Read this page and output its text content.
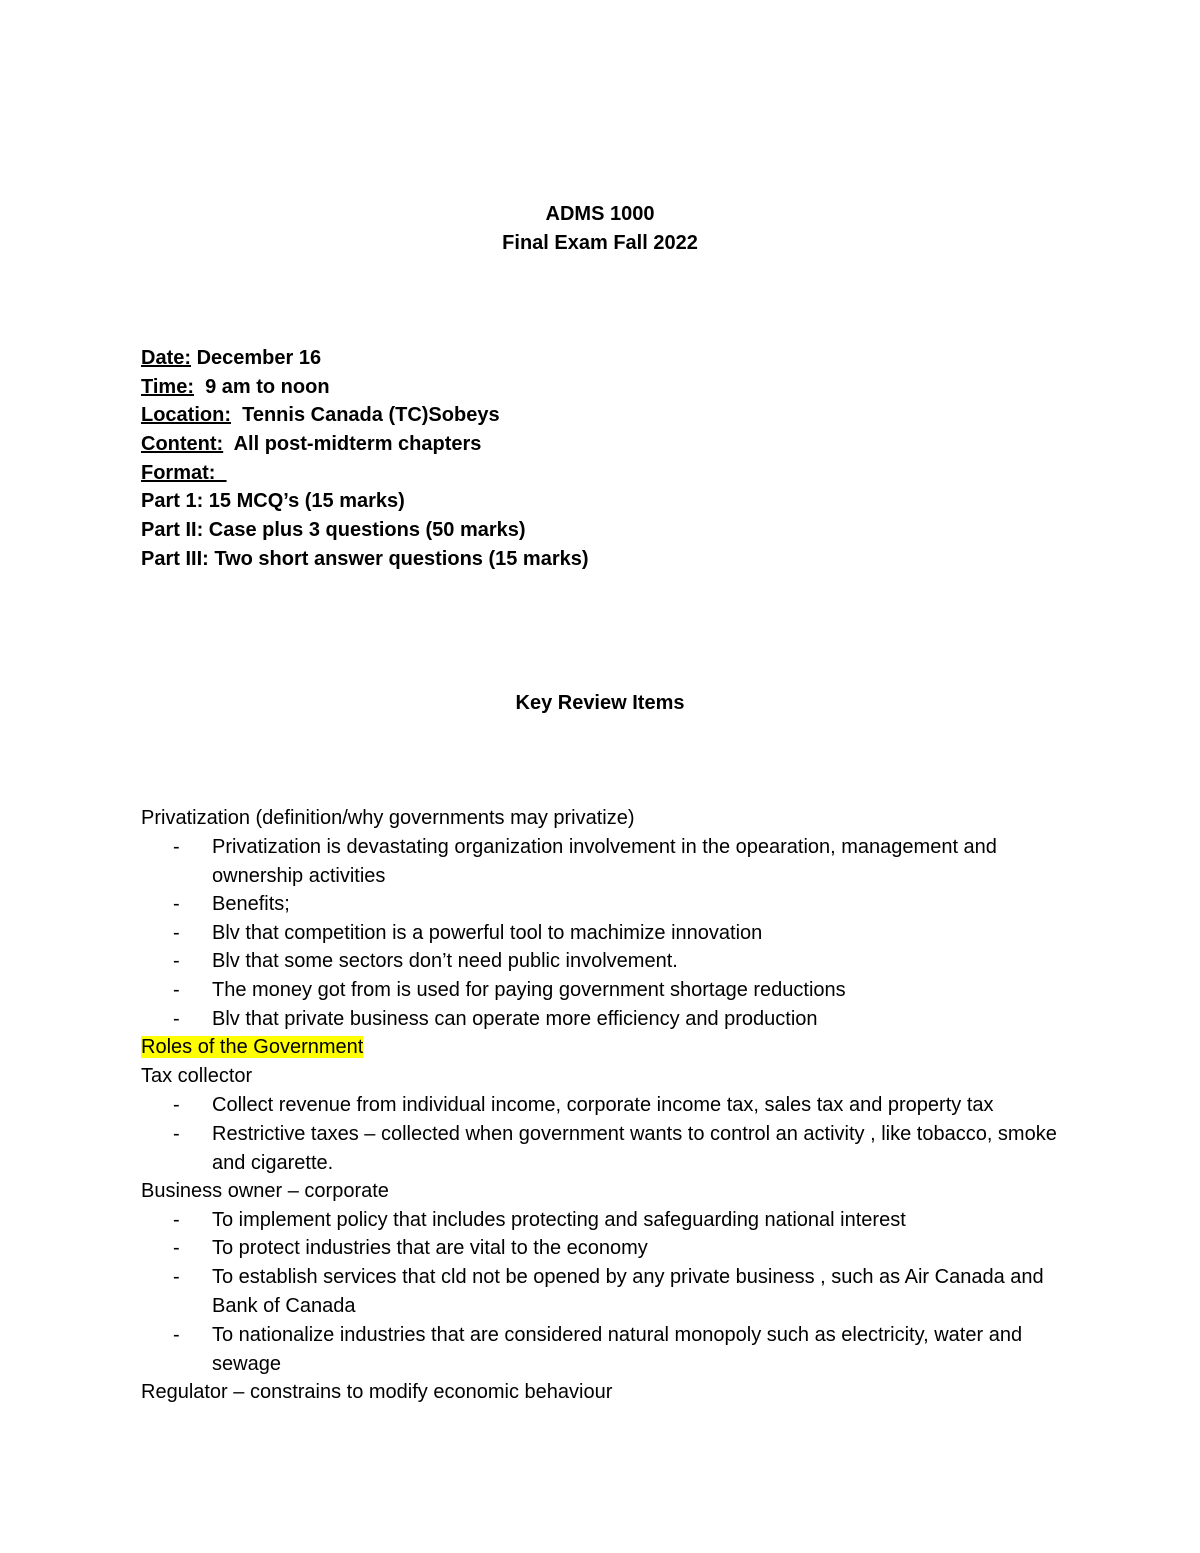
ADMS 1000
Final Exam Fall 2022
Date: December 16
Time:  9 am to noon
Location:  Tennis Canada (TC)Sobeys
Content:  All post-midterm chapters
Format:
Part 1: 15 MCQ’s (15 marks)
Part II: Case plus 3 questions (50 marks)
Part III: Two short answer questions (15 marks)
Key Review Items
Privatization (definition/why governments may privatize)
- Privatization is devastating organization involvement in the opearation, management and ownership activities
- Benefits;
- Blv that competition is a powerful tool to machimize innovation
- Blv that some sectors don’t need public involvement.
- The money got from is used for paying government shortage reductions
- Blv that private business can operate more efficiency and production
Roles of the Government
Tax collector
- Collect revenue from individual income, corporate income tax, sales tax and property tax
- Restrictive taxes – collected when government wants to control an activity , like tobacco, smoke and cigarette.
Business owner – corporate
- To implement policy that includes protecting and safeguarding national interest
- To protect industries that are vital to the economy
- To establish services that cld not be opened by any private business , such as Air Canada and Bank of Canada
- To nationalize industries that are considered natural monopoly such as electricity, water and sewage
Regulator – constrains to modify economic behaviour
